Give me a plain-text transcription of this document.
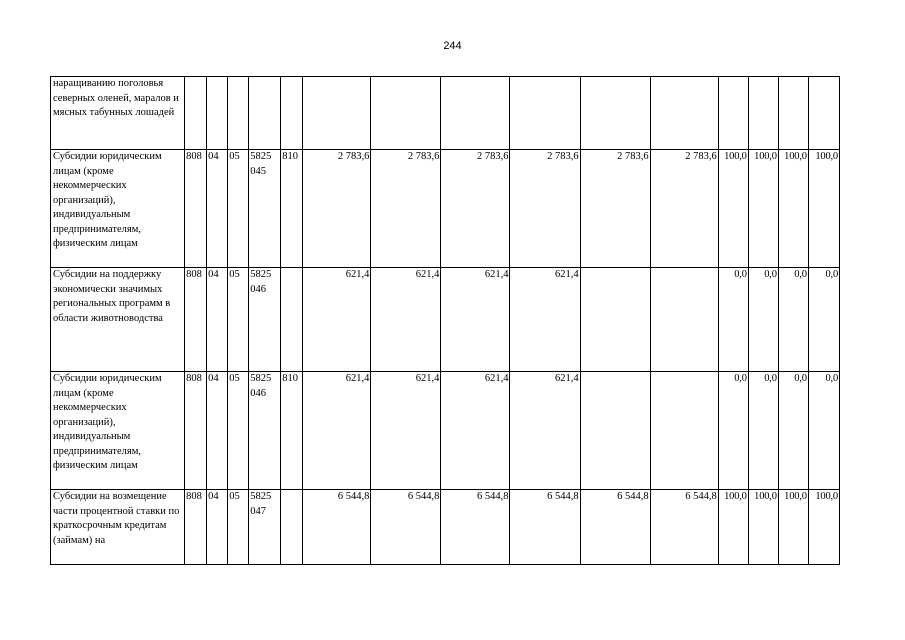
244
наращиванию поголовья северных оленей, маралов и мясных табунных лошадей															
Субсидии юридическим лицам (кроме некоммерческих организаций), индивидуальным предпринимателям, физическим лицам	808	04	05	5825 045	810	2 783,6	2 783,6	2 783,6	2 783,6	2 783,6	2 783,6	100,0	100,0	100,0	100,0
Субсидии на поддержку экономически значимых региональных программ в области животноводства	808	04	05	5825 046		621,4	621,4	621,4	621,4			0,0	0,0	0,0	0,0
Субсидии юридическим лицам (кроме некоммерческих организаций), индивидуальным предпринимателям, физическим лицам	808	04	05	5825 046	810	621,4	621,4	621,4	621,4			0,0	0,0	0,0	0,0
Субсидии на возмещение части процентной ставки по краткосрочным кредитам (займам) на	808	04	05	5825 047		6 544,8	6 544,8	6 544,8	6 544,8	6 544,8	6 544,8	100,0	100,0	100,0	100,0
